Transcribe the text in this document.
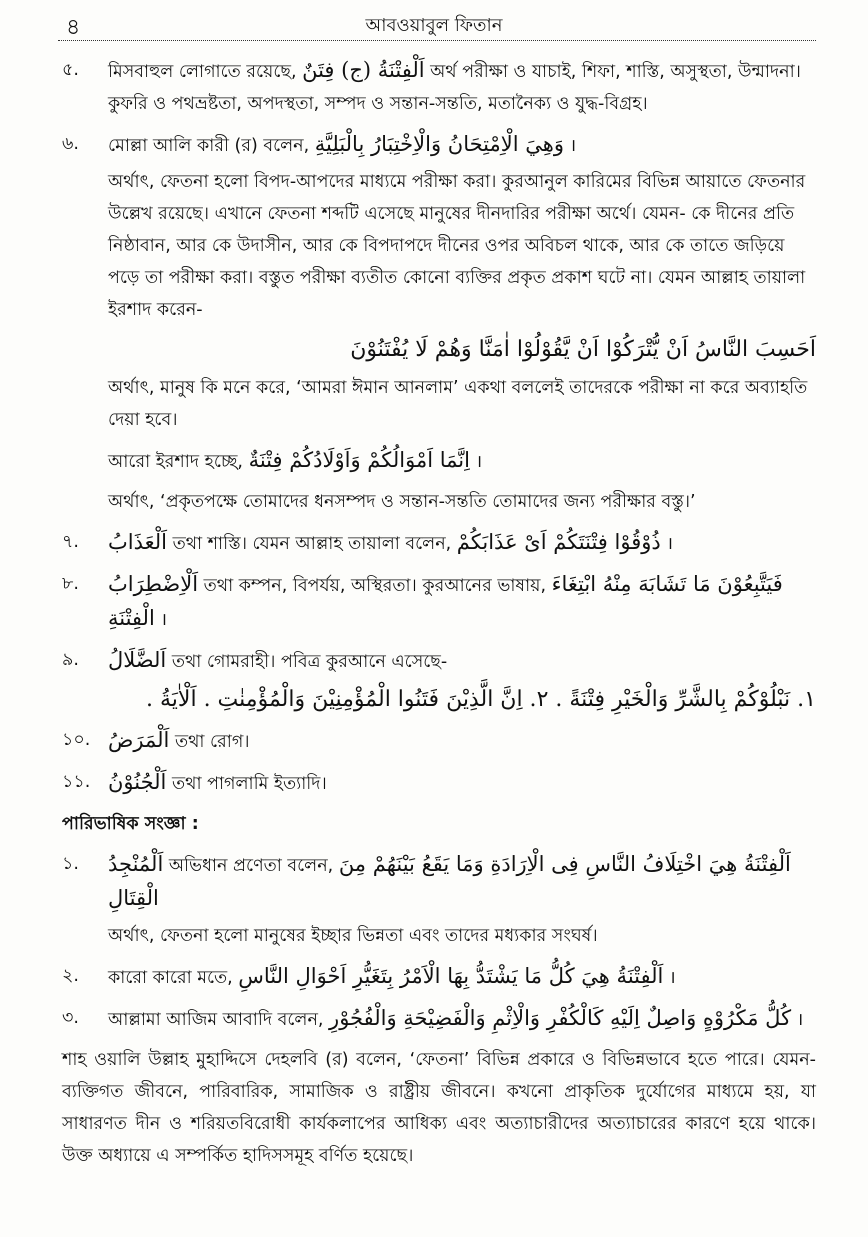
৪	আবওয়াবুল ফিতান
৫. মিসবাহুল লোগাতে রয়েছে, اَلْفِتْنَةُ (ج) فِتَنٌ অর্থ পরীক্ষা ও যাচাই, শিফা, শাস্তি, অসুস্থতা, উন্মাদনা। কুফরি ও পথভ্রষ্টতা, অপদস্থতা, সম্পদ ও সন্তান-সন্ততি, মতানৈক্য ও যুদ্ধ-বিগ্রহ।
৬. মোল্লা আলি কারী (র) বলেন, وَهِيَ الْاِمْتِحَانُ وَالْاِخْتِبَارُ بِالْبَلِيَّةِ ।
অর্থাৎ, ফেতনা হলো বিপদ-আপদের মাধ্যমে পরীক্ষা করা। কুরআনুল কারিমের বিভিন্ন আয়াতে ফেতনার উল্লেখ রয়েছে। এখানে ফেতনা শব্দটি এসেছে মানুষের দীনদারির পরীক্ষা অর্থে। যেমন- কে দীনের প্রতি নিষ্ঠাবান, আর কে উদাসীন, আর কে বিপদাপদে দীনের ওপর অবিচল থাকে, আর কে তাতে জড়িয়ে পড়ে তা পরীক্ষা করা। বস্তুত পরীক্ষা ব্যতীত কোনো ব্যক্তির প্রকৃত প্রকাশ ঘটে না। যেমন আল্লাহ তায়ালা ইরশাদ করেন-
اَحَسِبَ النَّاسُ اَنْ يُّتْرَكُوْا اَنْ يَّقُوْلُوْا اٰمَنَّا وَهُمْ لَا يُفْتَنُوْنَ
অর্থাৎ, মানুষ কি মনে করে, ‘আমরা ঈমান আনলাম’ একথা বললেই তাদেরকে পরীক্ষা না করে অব্যাহতি দেয়া হবে।
আরো ইরশাদ হচ্ছে, اِنَّمَا اَمْوَالُكُمْ وَاَوْلَادُكُمْ فِتْنَةٌ ।
অর্থাৎ, ‘প্রকৃতপক্ষে তোমাদের ধনসম্পদ ও সন্তান-সন্ততি তোমাদের জন্য পরীক্ষার বস্তু।’
৭. اَلْعَذَابُ তথা শাস্তি। যেমন আল্লাহ তায়ালা বলেন, ذُوْقُوْا فِتْنَتَكُمْ اَىْ عَذَابَكُمْ ।
৮. اَلْاِضْطِرَابُ তথা কম্পন, বিপর্যয়, অস্থিরতা। কুরআনের ভাষায়, فَيَتَّبِعُوْنَ مَا تَشَابَهَ مِنْهُ ابْتِغَاءَ الْفِتْنَةِ ।
৯. اَلضَّلَالُ তথা গোমরাহী। পবিত্র কুরআনে এসেছে-
١. نَبْلُوْكُمْ بِالشَّرِّ وَالْخَيْرِ فِتْنَةً . ٢. اِنَّ الَّذِيْنَ فَتَنُوا الْمُؤْمِنِيْنَ وَالْمُؤْمِنٰتِ . اَلْاٰيَةُ .
১০. اَلْمَرَضُ তথা রোগ।
১১. اَلْجُنُوْنُ তথা পাগলামি ইত্যাদি।
পারিভাষিক সংজ্ঞা :
১. اَلْمُنْجِدُ অভিধান প্রণেতা বলেন, اَلْفِتْنَةُ هِيَ اخْتِلَافُ النَّاسِ فِى الْاِرَادَةِ وَمَا يَقَعُ بَيْنَهُمْ مِنَ الْقِتَالِ
অর্থাৎ, ফেতনা হলো মানুষের ইচ্ছার ভিন্নতা এবং তাদের মধ্যকার সংঘর্ষ।
২. কারো কারো মতে, اَلْفِتْنَةُ هِيَ كُلُّ مَا يَشْتَدُّ بِهَا الْاَمْرُ بِتَغَيُّرِ اَحْوَالِ النَّاسِ ।
৩. আল্লামা আজিম আবাদি বলেন, كُلُّ مَكْرُوْهٍ وَاصِلٌ اِلَيْهِ كَالْكُفْرِ وَالْاِثْمِ وَالْفَضِيْحَةِ وَالْفُجُوْرِ ।
শাহ ওয়ালি উল্লাহ মুহাদ্দিসে দেহলবি (র) বলেন, ‘ফেতনা’ বিভিন্ন প্রকারে ও বিভিন্নভাবে হতে পারে। যেমন-ব্যক্তিগত জীবনে, পারিবারিক, সামাজিক ও রাষ্ট্রীয় জীবনে। কখনো প্রাকৃতিক দুর্যোগের মাধ্যমে হয়, যা সাধারণত দীন ও শরিয়তবিরোধী কার্যকলাপের আধিক্য এবং অত্যাচারীদের অত্যাচারের কারণে হয়ে থাকে। উক্ত অধ্যায়ে এ সম্পর্কিত হাদিসসমূহ বর্ণিত হয়েছে।
